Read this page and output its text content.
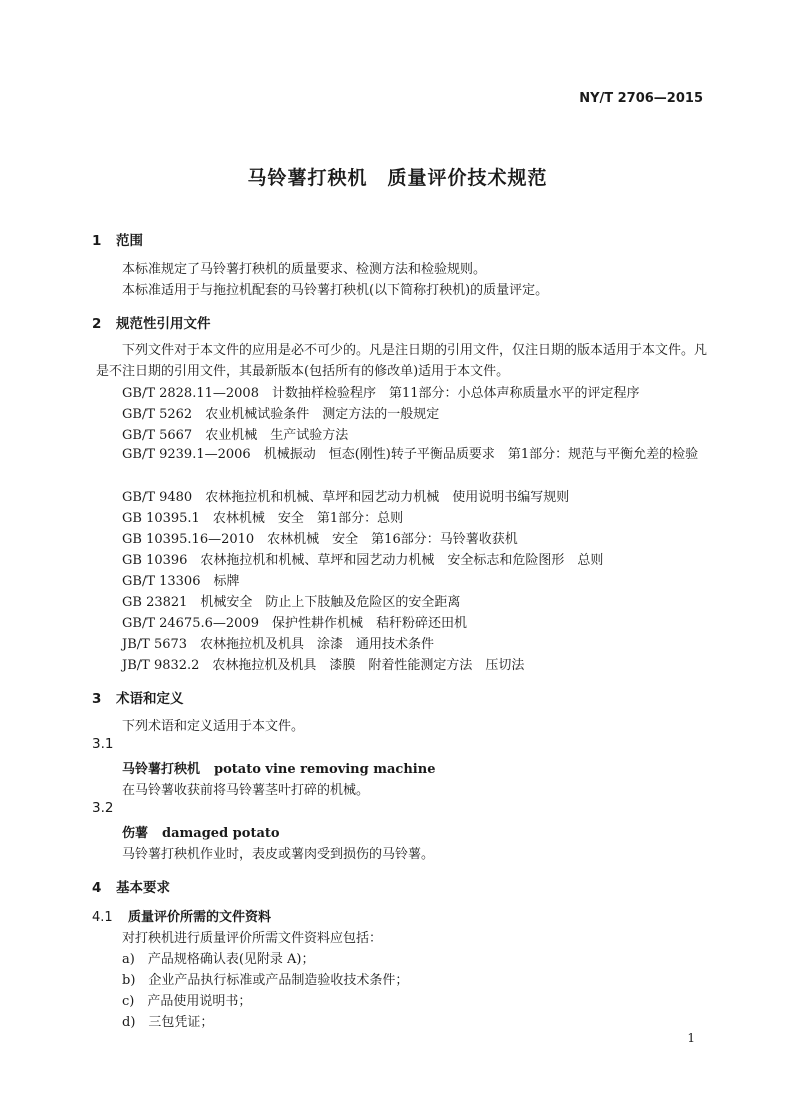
NY/T 2706—2015
马铃薯打秧机　质量评价技术规范
1 范围
本标准规定了马铃薯打秧机的质量要求、检测方法和检验规则。
本标准适用于与拖拉机配套的马铃薯打秧机(以下简称打秧机)的质量评定。
2 规范性引用文件
下列文件对于本文件的应用是必不可少的。凡是注日期的引用文件，仅注日期的版本适用于本文件。凡是不注日期的引用文件，其最新版本(包括所有的修改单)适用于本文件。
GB/T 2828.11—2008　计数抽样检验程序　第11部分：小总体声称质量水平的评定程序
GB/T 5262　农业机械试验条件　测定方法的一般规定
GB/T 5667　农业机械　生产试验方法
GB/T 9239.1—2006　机械振动　恒态(刚性)转子平衡品质要求　第1部分：规范与平衡允差的检验
GB/T 9480　农林拖拉机和机械、草坪和园艺动力机械　使用说明书编写规则
GB 10395.1　农林机械　安全　第1部分：总则
GB 10395.16—2010　农林机械　安全　第16部分：马铃薯收获机
GB 10396　农林拖拉机和机械、草坪和园艺动力机械　安全标志和危险图形　总则
GB/T 13306　标牌
GB 23821　机械安全　防止上下肢触及危险区的安全距离
GB/T 24675.6—2009　保护性耕作机械　秸秆粉碎还田机
JB/T 5673　农林拖拉机及机具　涂漆　通用技术条件
JB/T 9832.2　农林拖拉机及机具　漆膜　附着性能测定方法　压切法
3 术语和定义
下列术语和定义适用于本文件。
3.1
马铃薯打秧机 potato vine removing machine
在马铃薯收获前将马铃薯茎叶打碎的机械。
3.2
伤薯 damaged potato
马铃薯打秧机作业时，表皮或薯肉受到损伤的马铃薯。
4 基本要求
4.1 质量评价所需的文件资料
对打秧机进行质量评价所需文件资料应包括：
a)　产品规格确认表(见附录 A)；
b)　企业产品执行标准或产品制造验收技术条件；
c)　产品使用说明书；
d)　三包凭证；
1
